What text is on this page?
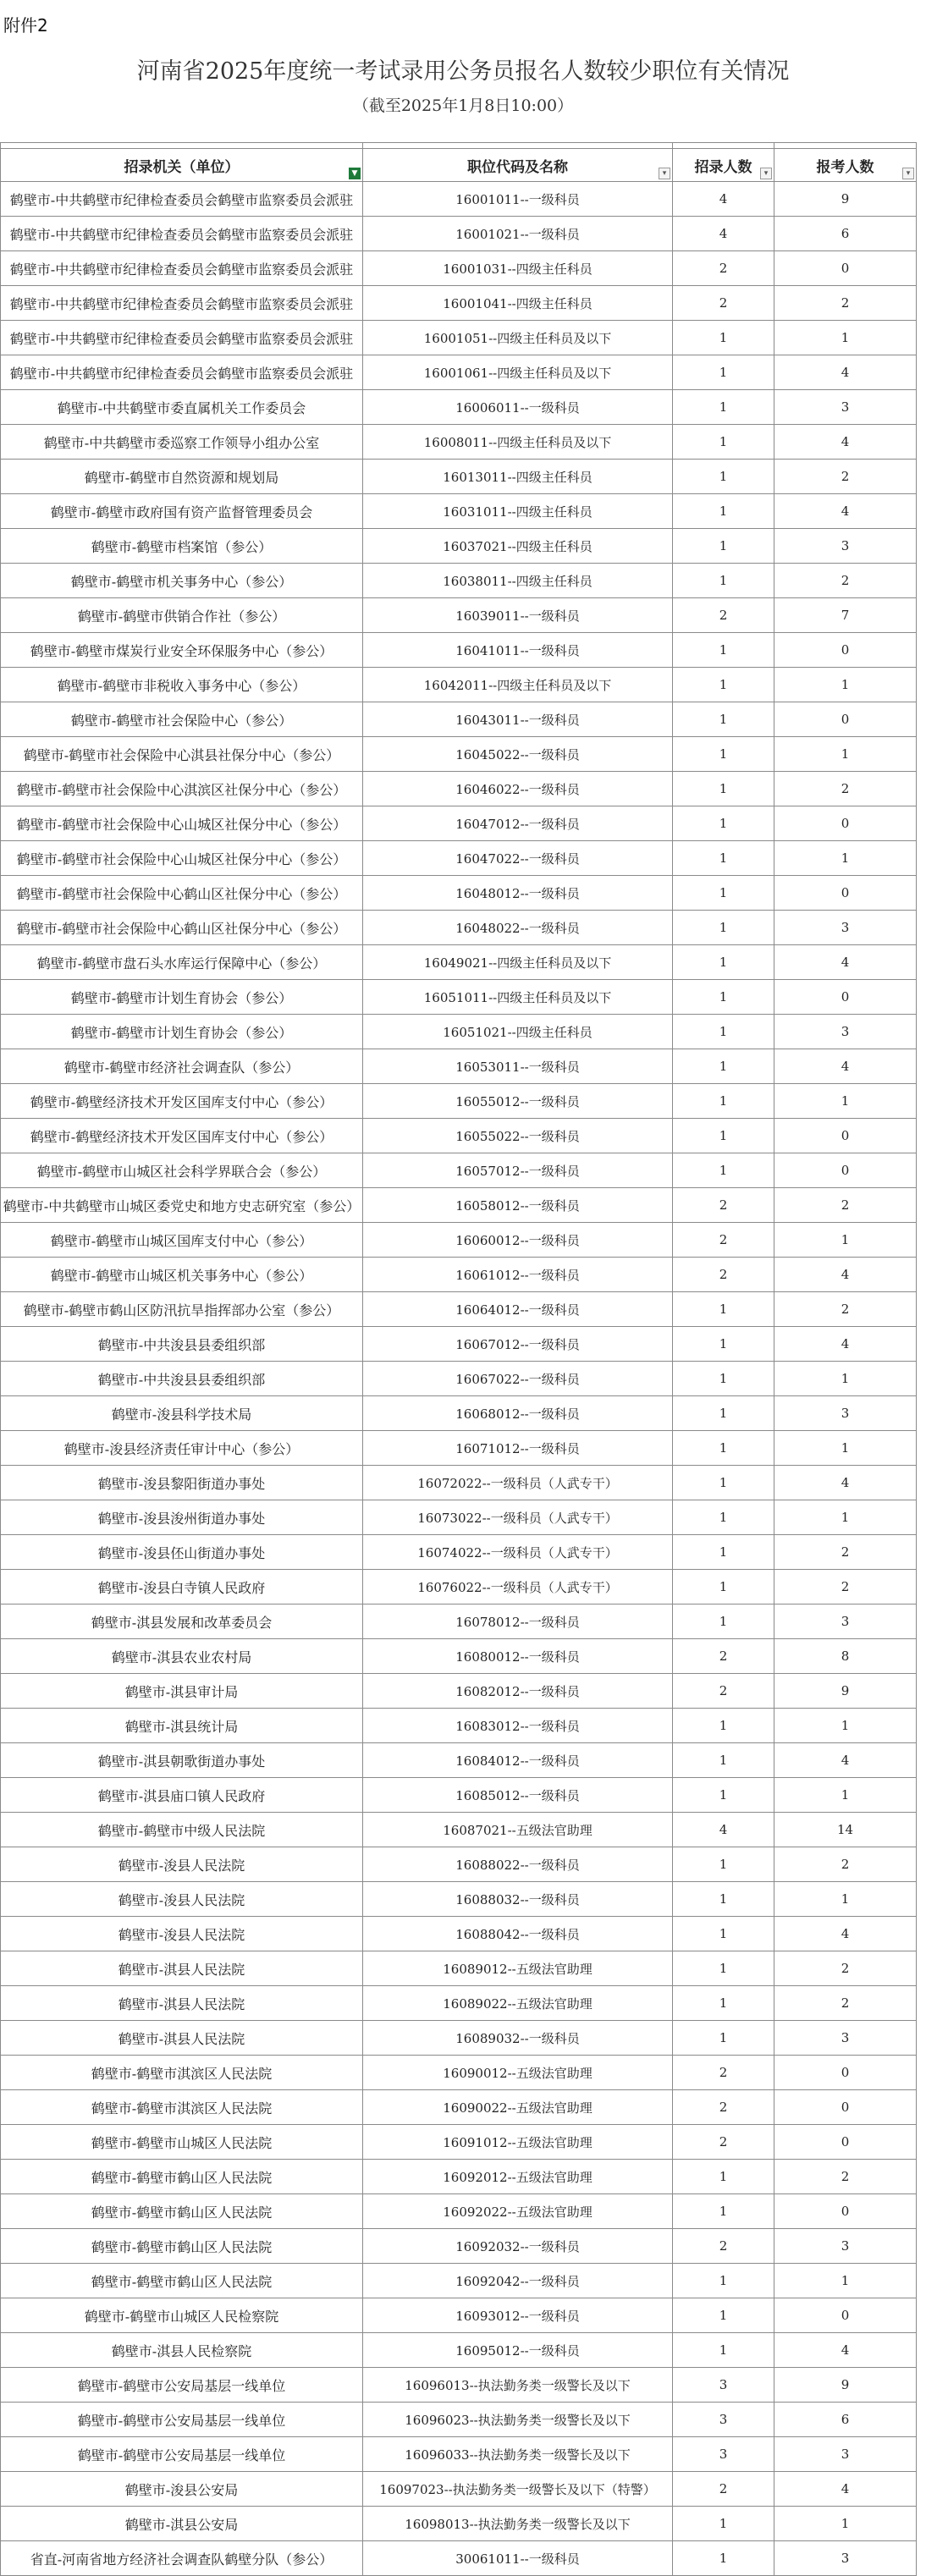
附件2
河南省2025年度统一考试录用公务员报名人数较少职位有关情况
（截至2025年1月8日10:00）

招录机关（单位） ▼	职位代码及名称 ▾	招录人数 ▾	报考人数 ▾

鹤壁市-中共鹤壁市纪律检查委员会鹤壁市监察委员会派驻	16001011--一级科员	4	9
鹤壁市-中共鹤壁市纪律检查委员会鹤壁市监察委员会派驻	16001021--一级科员	4	6
鹤壁市-中共鹤壁市纪律检查委员会鹤壁市监察委员会派驻	16001031--四级主任科员	2	0
鹤壁市-中共鹤壁市纪律检查委员会鹤壁市监察委员会派驻	16001041--四级主任科员	2	2
鹤壁市-中共鹤壁市纪律检查委员会鹤壁市监察委员会派驻	16001051--四级主任科员及以下	1	1
鹤壁市-中共鹤壁市纪律检查委员会鹤壁市监察委员会派驻	16001061--四级主任科员及以下	1	4
鹤壁市-中共鹤壁市委直属机关工作委员会	16006011--一级科员	1	3
鹤壁市-中共鹤壁市委巡察工作领导小组办公室	16008011--四级主任科员及以下	1	4
鹤壁市-鹤壁市自然资源和规划局	16013011--四级主任科员	1	2
鹤壁市-鹤壁市政府国有资产监督管理委员会	16031011--四级主任科员	1	4
鹤壁市-鹤壁市档案馆（参公）	16037021--四级主任科员	1	3
鹤壁市-鹤壁市机关事务中心（参公）	16038011--四级主任科员	1	2
鹤壁市-鹤壁市供销合作社（参公）	16039011--一级科员	2	7
鹤壁市-鹤壁市煤炭行业安全环保服务中心（参公）	16041011--一级科员	1	0
鹤壁市-鹤壁市非税收入事务中心（参公）	16042011--四级主任科员及以下	1	1
鹤壁市-鹤壁市社会保险中心（参公）	16043011--一级科员	1	0
鹤壁市-鹤壁市社会保险中心淇县社保分中心（参公）	16045022--一级科员	1	1
鹤壁市-鹤壁市社会保险中心淇滨区社保分中心（参公）	16046022--一级科员	1	2
鹤壁市-鹤壁市社会保险中心山城区社保分中心（参公）	16047012--一级科员	1	0
鹤壁市-鹤壁市社会保险中心山城区社保分中心（参公）	16047022--一级科员	1	1
鹤壁市-鹤壁市社会保险中心鹤山区社保分中心（参公）	16048012--一级科员	1	0
鹤壁市-鹤壁市社会保险中心鹤山区社保分中心（参公）	16048022--一级科员	1	3
鹤壁市-鹤壁市盘石头水库运行保障中心（参公）	16049021--四级主任科员及以下	1	4
鹤壁市-鹤壁市计划生育协会（参公）	16051011--四级主任科员及以下	1	0
鹤壁市-鹤壁市计划生育协会（参公）	16051021--四级主任科员	1	3
鹤壁市-鹤壁市经济社会调查队（参公）	16053011--一级科员	1	4
鹤壁市-鹤壁经济技术开发区国库支付中心（参公）	16055012--一级科员	1	1
鹤壁市-鹤壁经济技术开发区国库支付中心（参公）	16055022--一级科员	1	0
鹤壁市-鹤壁市山城区社会科学界联合会（参公）	16057012--一级科员	1	0
鹤壁市-中共鹤壁市山城区委党史和地方史志研究室（参公）	16058012--一级科员	2	2
鹤壁市-鹤壁市山城区国库支付中心（参公）	16060012--一级科员	2	1
鹤壁市-鹤壁市山城区机关事务中心（参公）	16061012--一级科员	2	4
鹤壁市-鹤壁市鹤山区防汛抗旱指挥部办公室（参公）	16064012--一级科员	1	2
鹤壁市-中共浚县县委组织部	16067012--一级科员	1	4
鹤壁市-中共浚县县委组织部	16067022--一级科员	1	1
鹤壁市-浚县科学技术局	16068012--一级科员	1	3
鹤壁市-浚县经济责任审计中心（参公）	16071012--一级科员	1	1
鹤壁市-浚县黎阳街道办事处	16072022--一级科员（人武专干）	1	4
鹤壁市-浚县浚州街道办事处	16073022--一级科员（人武专干）	1	1
鹤壁市-浚县伾山街道办事处	16074022--一级科员（人武专干）	1	2
鹤壁市-浚县白寺镇人民政府	16076022--一级科员（人武专干）	1	2
鹤壁市-淇县发展和改革委员会	16078012--一级科员	1	3
鹤壁市-淇县农业农村局	16080012--一级科员	2	8
鹤壁市-淇县审计局	16082012--一级科员	2	9
鹤壁市-淇县统计局	16083012--一级科员	1	1
鹤壁市-淇县朝歌街道办事处	16084012--一级科员	1	4
鹤壁市-淇县庙口镇人民政府	16085012--一级科员	1	1
鹤壁市-鹤壁市中级人民法院	16087021--五级法官助理	4	14
鹤壁市-浚县人民法院	16088022--一级科员	1	2
鹤壁市-浚县人民法院	16088032--一级科员	1	1
鹤壁市-浚县人民法院	16088042--一级科员	1	4
鹤壁市-淇县人民法院	16089012--五级法官助理	1	2
鹤壁市-淇县人民法院	16089022--五级法官助理	1	2
鹤壁市-淇县人民法院	16089032--一级科员	1	3
鹤壁市-鹤壁市淇滨区人民法院	16090012--五级法官助理	2	0
鹤壁市-鹤壁市淇滨区人民法院	16090022--五级法官助理	2	0
鹤壁市-鹤壁市山城区人民法院	16091012--五级法官助理	2	0
鹤壁市-鹤壁市鹤山区人民法院	16092012--五级法官助理	1	2
鹤壁市-鹤壁市鹤山区人民法院	16092022--五级法官助理	1	0
鹤壁市-鹤壁市鹤山区人民法院	16092032--一级科员	2	3
鹤壁市-鹤壁市鹤山区人民法院	16092042--一级科员	1	1
鹤壁市-鹤壁市山城区人民检察院	16093012--一级科员	1	0
鹤壁市-淇县人民检察院	16095012--一级科员	1	4
鹤壁市-鹤壁市公安局基层一线单位	16096013--执法勤务类一级警长及以下	3	9
鹤壁市-鹤壁市公安局基层一线单位	16096023--执法勤务类一级警长及以下	3	6
鹤壁市-鹤壁市公安局基层一线单位	16096033--执法勤务类一级警长及以下	3	3
鹤壁市-浚县公安局	16097023--执法勤务类一级警长及以下（特警）	2	4
鹤壁市-淇县公安局	16098013--执法勤务类一级警长及以下	1	1
省直-河南省地方经济社会调查队鹤壁分队（参公）	30061011--一级科员	1	3
